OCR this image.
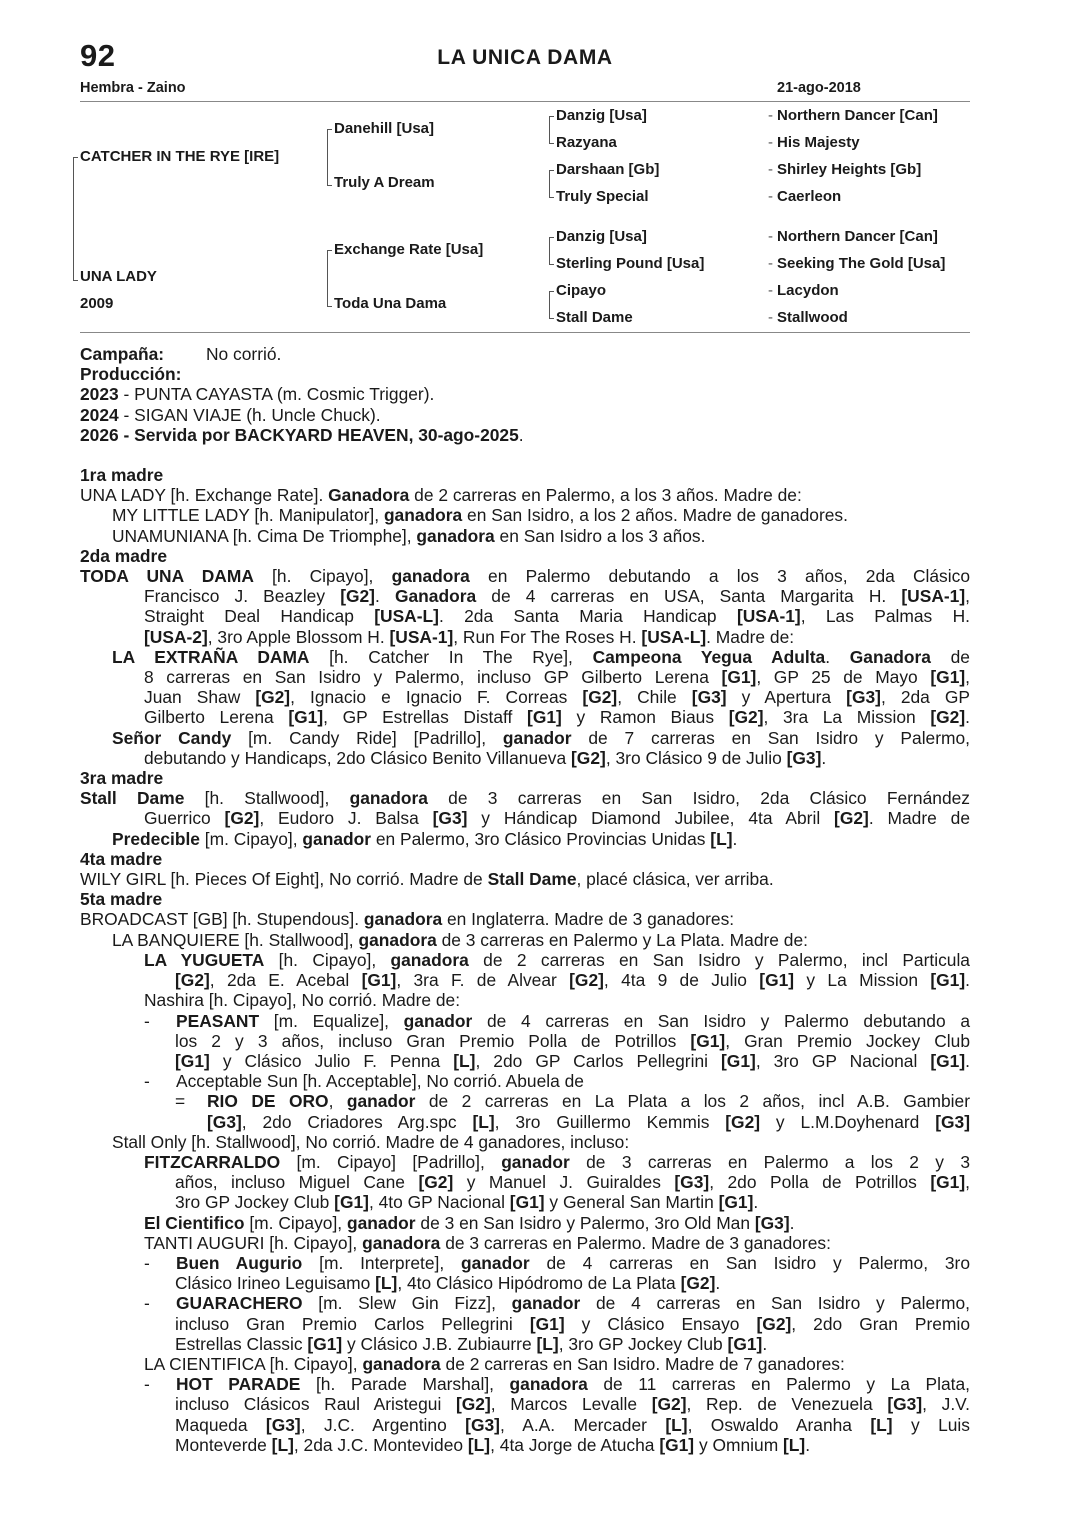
92	LA UNICA DAMA
Hembra - Zaino	21-ago-2018
CATCHER IN THE RYE [IRE]
UNA LADY
2009
Danehill [Usa]
Truly A Dream
Exchange Rate [Usa]
Toda Una Dama
Danzig [Usa]
Razyana
Darshaan [Gb]
Truly Special
Danzig [Usa]
Sterling Pound [Usa]
Cipayo
Stall Dame
- Northern Dancer [Can]
- His Majesty
- Shirley Heights [Gb]
- Caerleon
- Northern Dancer [Can]
- Seeking The Gold [Usa]
- Lacydon
- Stallwood
Campaña: No corrió.
Producción:
2023 - PUNTA CAYASTA (m. Cosmic Trigger).
2024 - SIGAN VIAJE (h. Uncle Chuck).
2026 - Servida por BACKYARD HEAVEN, 30-ago-2025.
1ra madre
UNA LADY [h. Exchange Rate]. Ganadora de 2 carreras en Palermo, a los 3 años. Madre de:
MY LITTLE LADY [h. Manipulator], ganadora en San Isidro, a los 2 años. Madre de ganadores.
UNAMUNIANA [h. Cima De Triomphe], ganadora en San Isidro a los 3 años.
2da madre
TODA UNA DAMA [h. Cipayo], ganadora en Palermo debutando a los 3 años, 2da Clásico
Francisco J. Beazley [G2]. Ganadora de 4 carreras en USA, Santa Margarita H. [USA-1],
Straight Deal Handicap [USA-L]. 2da Santa Maria Handicap [USA-1], Las Palmas H.
[USA-2], 3ro Apple Blossom H. [USA-1], Run For The Roses H. [USA-L]. Madre de:
LA EXTRAÑA DAMA [h. Catcher In The Rye], Campeona Yegua Adulta. Ganadora de
8 carreras en San Isidro y Palermo, incluso GP Gilberto Lerena [G1], GP 25 de Mayo [G1],
Juan Shaw [G2], Ignacio e Ignacio F. Correas [G2], Chile [G3] y Apertura [G3], 2da GP
Gilberto Lerena [G1], GP Estrellas Distaff [G1] y Ramon Biaus [G2], 3ra La Mission [G2].
Señor Candy [m. Candy Ride] [Padrillo], ganador de 7 carreras en San Isidro y Palermo,
debutando y Handicaps, 2do Clásico Benito Villanueva [G2], 3ro Clásico 9 de Julio [G3].
3ra madre
Stall Dame [h. Stallwood], ganadora de 3 carreras en San Isidro, 2da Clásico Fernández
Guerrico [G2], Eudoro J. Balsa [G3] y Hándicap Diamond Jubilee, 4ta Abril [G2]. Madre de
Predecible [m. Cipayo], ganador en Palermo, 3ro Clásico Provincias Unidas [L].
4ta madre
WILY GIRL [h. Pieces Of Eight], No corrió. Madre de Stall Dame, placé clásica, ver arriba.
5ta madre
BROADCAST [GB] [h. Stupendous]. ganadora en Inglaterra. Madre de 3 ganadores:
LA BANQUIERE [h. Stallwood], ganadora de 3 carreras en Palermo y La Plata. Madre de:
LA YUGUETA [h. Cipayo], ganadora de 2 carreras en San Isidro y Palermo, incl Particula
[G2], 2da E. Acebal [G1], 3ra F. de Alvear [G2], 4ta 9 de Julio [G1] y La Mission [G1].
Nashira [h. Cipayo], No corrió. Madre de:
- PEASANT [m. Equalize], ganador de 4 carreras en San Isidro y Palermo debutando a
los 2 y 3 años, incluso Gran Premio Polla de Potrillos [G1], Gran Premio Jockey Club
[G1] y Clásico Julio F. Penna [L], 2do GP Carlos Pellegrini [G1], 3ro GP Nacional [G1].
- Acceptable Sun [h. Acceptable], No corrió. Abuela de
= RIO DE ORO, ganador de 2 carreras en La Plata a los 2 años, incl A.B. Gambier
[G3], 2do Criadores Arg.spc [L], 3ro Guillermo Kemmis [G2] y L.M.Doyhenard [G3]
Stall Only [h. Stallwood], No corrió. Madre de 4 ganadores, incluso:
FITZCARRALDO [m. Cipayo] [Padrillo], ganador de 3 carreras en Palermo a los 2 y 3
años, incluso Miguel Cane [G2] y Manuel J. Guiraldes [G3], 2do Polla de Potrillos [G1],
3ro GP Jockey Club [G1], 4to GP Nacional [G1] y General San Martin [G1].
El Cientifico [m. Cipayo], ganador de 3 en San Isidro y Palermo, 3ro Old Man [G3].
TANTI AUGURI [h. Cipayo], ganadora de 3 carreras en Palermo. Madre de 3 ganadores:
- Buen Augurio [m. Interprete], ganador de 4 carreras en San Isidro y Palermo, 3ro
Clásico Irineo Leguisamo [L], 4to Clásico Hipódromo de La Plata [G2].
- GUARACHERO [m. Slew Gin Fizz], ganador de 4 carreras en San Isidro y Palermo,
incluso Gran Premio Carlos Pellegrini [G1] y Clásico Ensayo [G2], 2do Gran Premio
Estrellas Classic [G1] y Clásico J.B. Zubiaurre [L], 3ro GP Jockey Club [G1].
LA CIENTIFICA [h. Cipayo], ganadora de 2 carreras en San Isidro. Madre de 7 ganadores:
- HOT PARADE [h. Parade Marshal], ganadora de 11 carreras en Palermo y La Plata,
incluso Clásicos Raul Aristegui [G2], Marcos Levalle [G2], Rep. de Venezuela [G3], J.V.
Maqueda [G3], J.C. Argentino [G3], A.A. Mercader [L], Oswaldo Aranha [L] y Luis
Monteverde [L], 2da J.C. Montevideo [L], 4ta Jorge de Atucha [G1] y Omnium [L].
